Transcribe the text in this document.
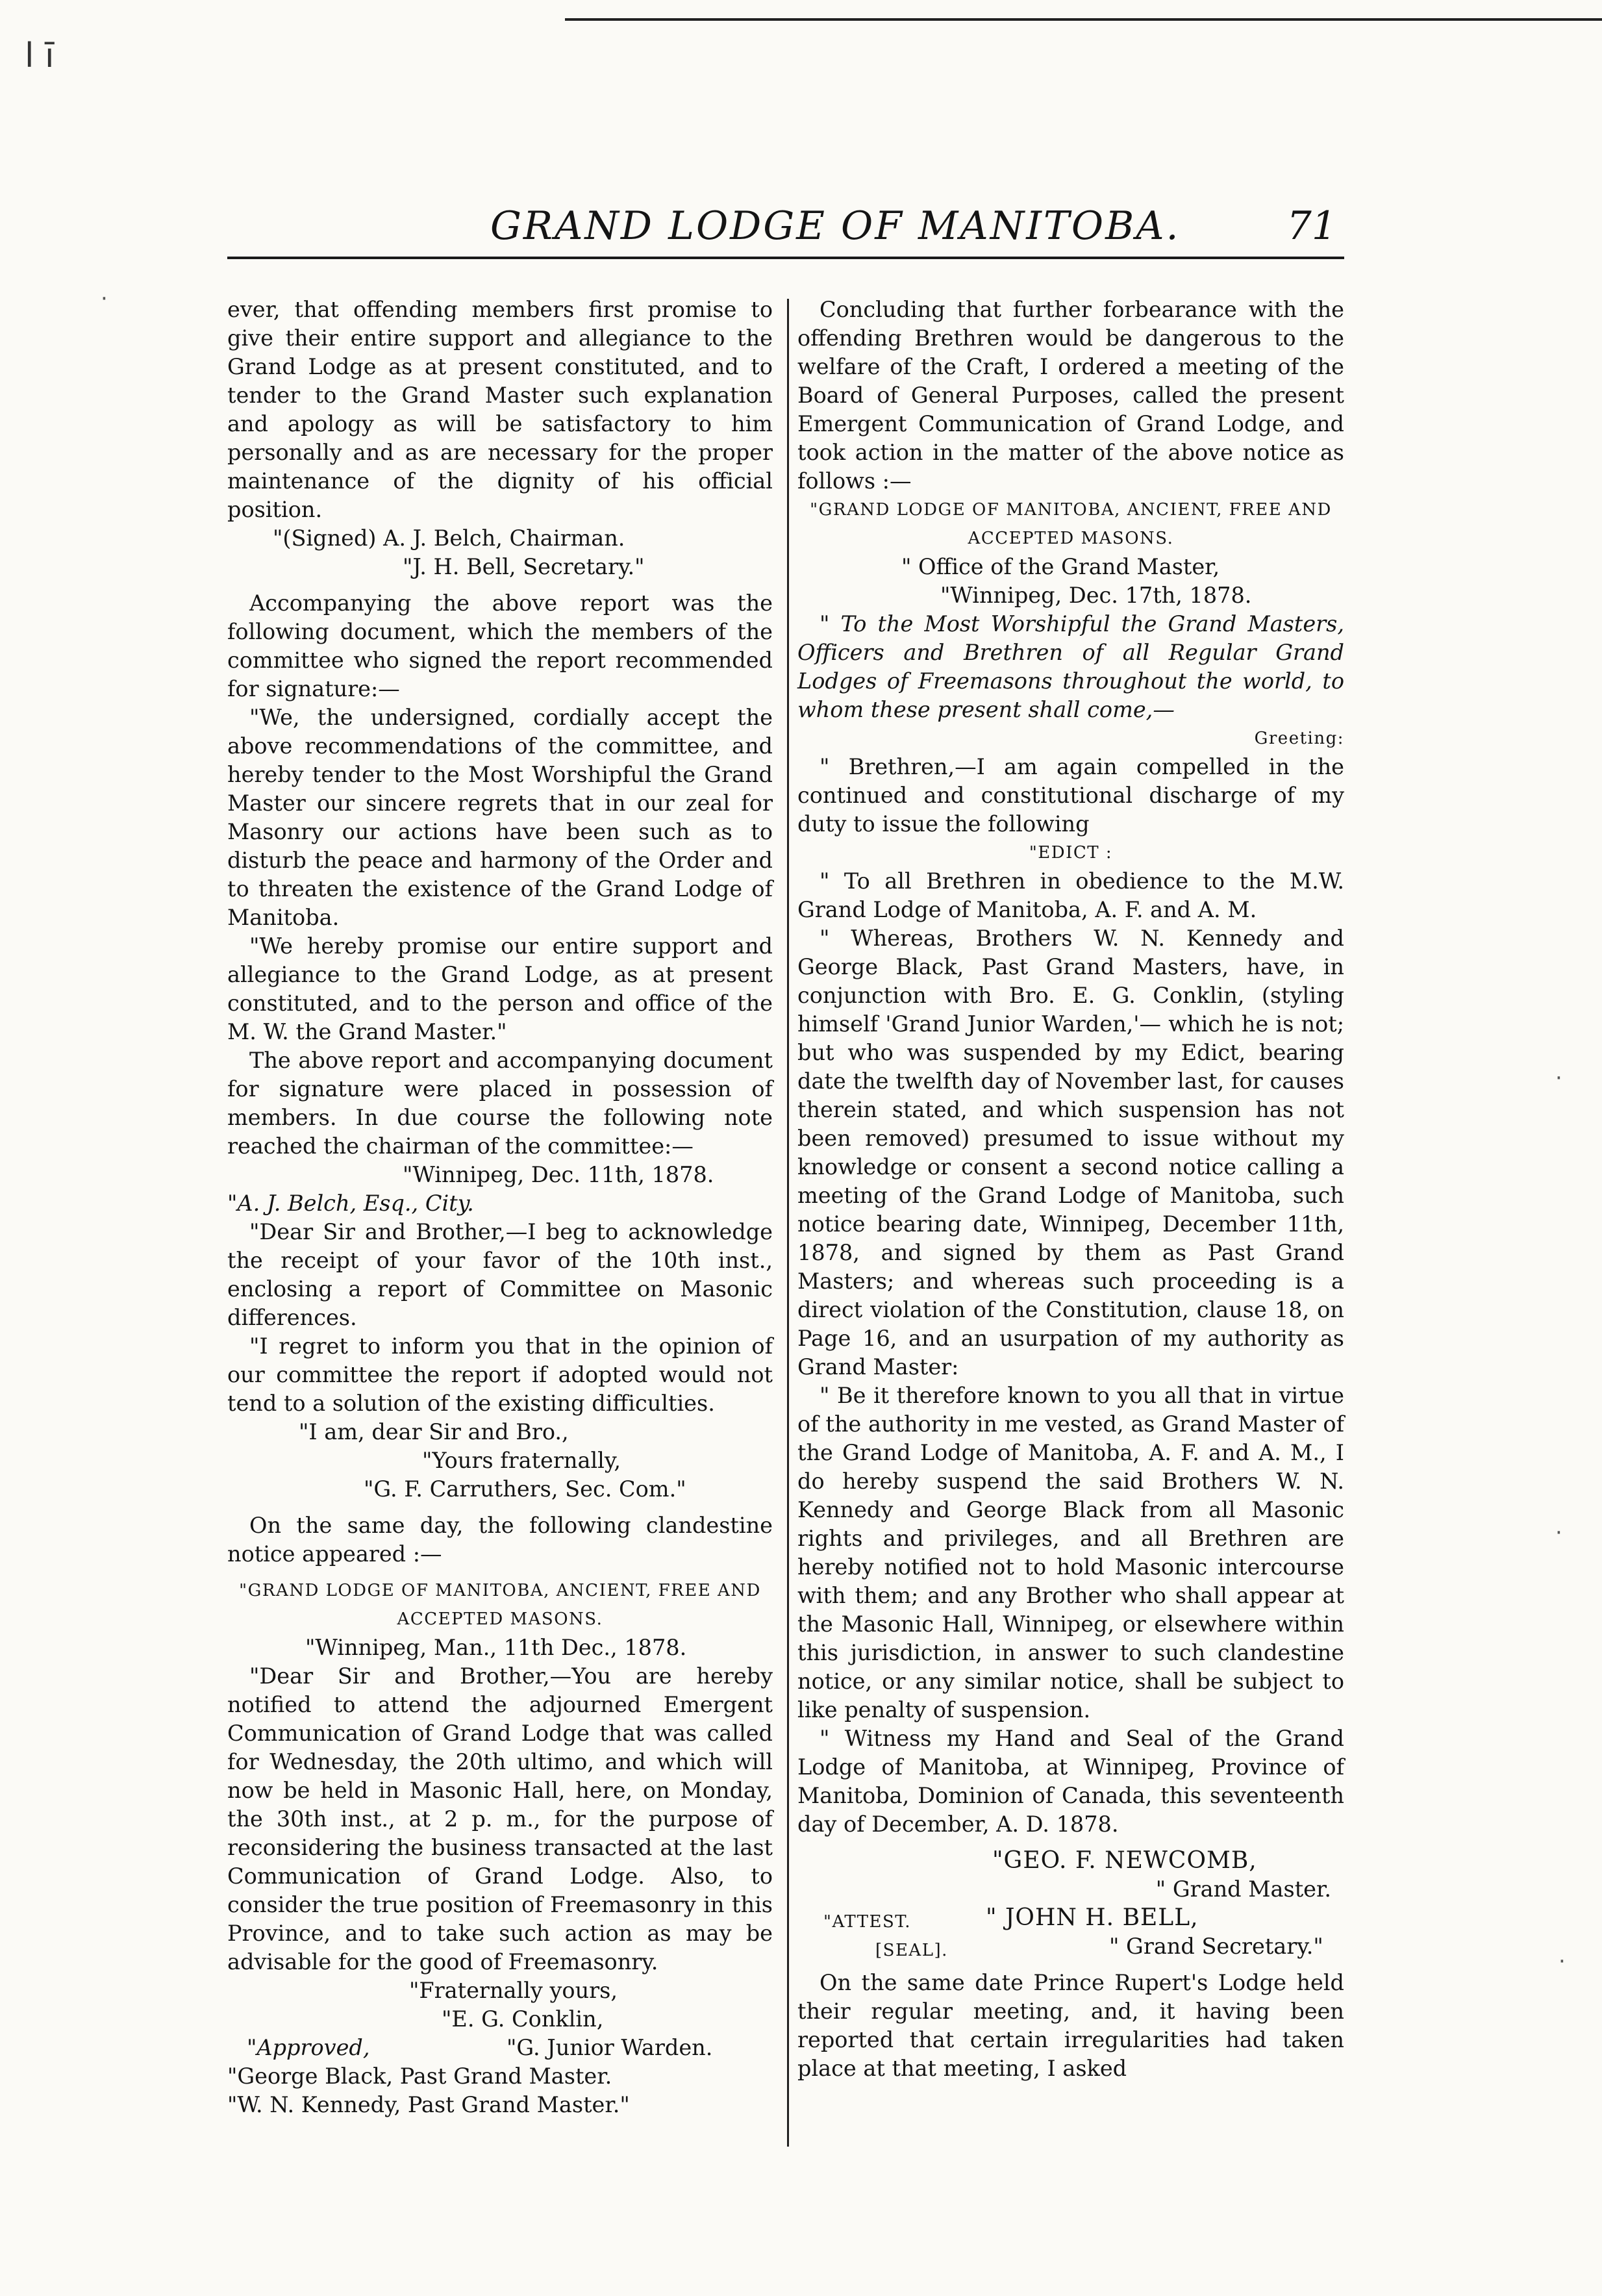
l ī
GRAND LODGE OF MANITOBA.	71

ever, that offending members first promise to give their entire support and allegiance to the Grand Lodge as at present constituted, and to tender to the Grand Master such explanation and apology as will be satisfactory to him personally and as are necessary for the proper maintenance of the dignity of his official position.

"(Signed) A. J. Belch, Chairman.
"J. H. Bell, Secretary."

Accompanying the above report was the following document, which the members of the committee who signed the report recommended for signature:—

"We, the undersigned, cordially accept the above recommendations of the committee, and hereby tender to the Most Worshipful the Grand Master our sincere regrets that in our zeal for Masonry our actions have been such as to disturb the peace and harmony of the Order and to threaten the existence of the Grand Lodge of Manitoba.

"We hereby promise our entire support and allegiance to the Grand Lodge, as at present constituted, and to the person and office of the M. W. the Grand Master."

The above report and accompanying document for signature were placed in possession of members. In due course the following note reached the chairman of the committee:—

"Winnipeg, Dec. 11th, 1878.
"A. J. Belch, Esq., City.

"Dear Sir and Brother,—I beg to acknowledge the receipt of your favor of the 10th inst., enclosing a report of Committee on Masonic differences.

"I regret to inform you that in the opinion of our committee the report if adopted would not tend to a solution of the existing difficulties.

"I am, dear Sir and Bro.,
"Yours fraternally,
"G. F. Carruthers, Sec. Com."

On the same day, the following clandestine notice appeared :—

"GRAND LODGE OF MANITOBA, ANCIENT, FREE AND ACCEPTED MASONS.
"Winnipeg, Man., 11th Dec., 1878.

"Dear Sir and Brother,—You are hereby notified to attend the adjourned Emergent Communication of Grand Lodge that was called for Wednesday, the 20th ultimo, and which will now be held in Masonic Hall, here, on Monday, the 30th inst., at 2 p. m., for the purpose of reconsidering the business transacted at the last Communication of Grand Lodge. Also, to consider the true position of Freemasonry in this Province, and to take such action as may be advisable for the good of Freemasonry.

"Fraternally yours,
"E. G. Conklin,
"Approved,	"G. Junior Warden.
"George Black, Past Grand Master.
"W. N. Kennedy, Past Grand Master."

Concluding that further forbearance with the offending Brethren would be dangerous to the welfare of the Craft, I ordered a meeting of the Board of General Purposes, called the present Emergent Communication of Grand Lodge, and took action in the matter of the above notice as follows :—

"GRAND LODGE OF MANITOBA, ANCIENT, FREE AND ACCEPTED MASONS.
" Office of the Grand Master,
"Winnipeg, Dec. 17th, 1878.

" To the Most Worshipful the Grand Masters, Officers and Brethren of all Regular Grand Lodges of Freemasons throughout the world, to whom these present shall come,—

Greeting:

" Brethren,—I am again compelled in the continued and constitutional discharge of my duty to issue the following

"EDICT :

" To all Brethren in obedience to the M.W. Grand Lodge of Manitoba, A. F. and A. M.

" Whereas, Brothers W. N. Kennedy and George Black, Past Grand Masters, have, in conjunction with Bro. E. G. Conklin, (styling himself 'Grand Junior Warden,'— which he is not; but who was suspended by my Edict, bearing date the twelfth day of November last, for causes therein stated, and which suspension has not been removed) presumed to issue without my knowledge or consent a second notice calling a meeting of the Grand Lodge of Manitoba, such notice bearing date, Winnipeg, December 11th, 1878, and signed by them as Past Grand Masters; and whereas such proceeding is a direct violation of the Constitution, clause 18, on Page 16, and an usurpation of my authority as Grand Master:

" Be it therefore known to you all that in virtue of the authority in me vested, as Grand Master of the Grand Lodge of Manitoba, A. F. and A. M., I do hereby suspend the said Brothers W. N. Kennedy and George Black from all Masonic rights and privileges, and all Brethren are hereby notified not to hold Masonic intercourse with them; and any Brother who shall appear at the Masonic Hall, Winnipeg, or elsewhere within this jurisdiction, in answer to such clandestine notice, or any similar notice, shall be subject to like penalty of suspension.

" Witness my Hand and Seal of the Grand Lodge of Manitoba, at Winnipeg, Province of Manitoba, Dominion of Canada, this seventeenth day of December, A. D. 1878.

"GEO. F. NEWCOMB,
" Grand Master.
"ATTEST.	" JOHN H. BELL,
[SEAL].	" Grand Secretary."

On the same date Prince Rupert's Lodge held their regular meeting, and, it having been reported that certain irregularities had taken place at that meeting, I asked

·
·
·
·
